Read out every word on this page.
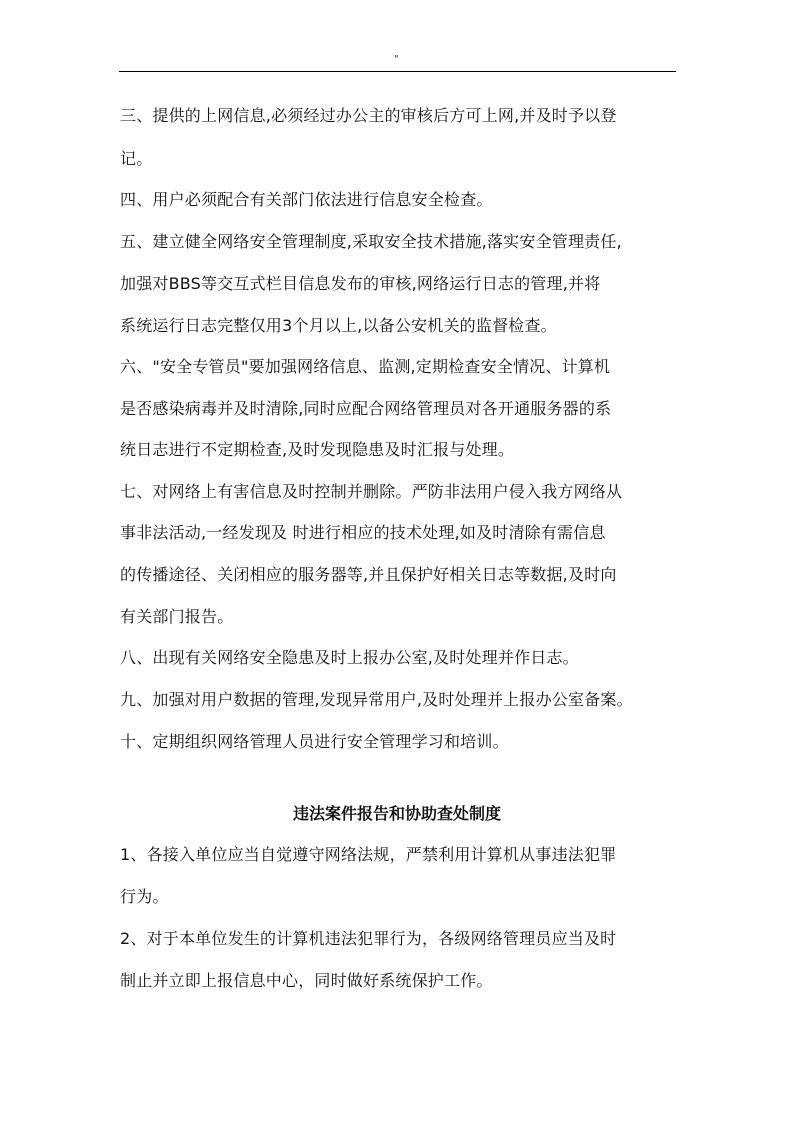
"
三、提供的上网信息,必须经过办公主的审核后方可上网,并及时予以登
记。
四、用户必须配合有关部门依法进行信息安全检查。
五、建立健全网络安全管理制度,采取安全技术措施,落实安全管理责任,
加强对BBS等交互式栏目信息发布的审核,网络运行日志的管理,并将
系统运行日志完整仅用3个月以上,以备公安机关的监督检查。
六、"安全专管员"要加强网络信息、监测,定期检查安全情况、计算机
是否感染病毒并及时清除,同时应配合网络管理员对各开通服务器的系
统日志进行不定期检查,及时发现隐患及时汇报与处理。
七、对网络上有害信息及时控制并删除。严防非法用户侵入我方网络从
事非法活动,一经发现及 时进行相应的技术处理,如及时清除有需信息
的传播途径、关闭相应的服务器等,并且保护好相关日志等数据,及时向
有关部门报告。
八、出现有关网络安全隐患及时上报办公室,及时处理并作日志。
九、加强对用户数据的管理,发现异常用户,及时处理并上报办公室备案。
十、定期组织网络管理人员进行安全管理学习和培训。
违法案件报告和协助查处制度
1、各接入单位应当自觉遵守网络法规，严禁利用计算机从事违法犯罪
行为。
2、对于本单位发生的计算机违法犯罪行为，各级网络管理员应当及时
制止并立即上报信息中心，同时做好系统保护工作。
